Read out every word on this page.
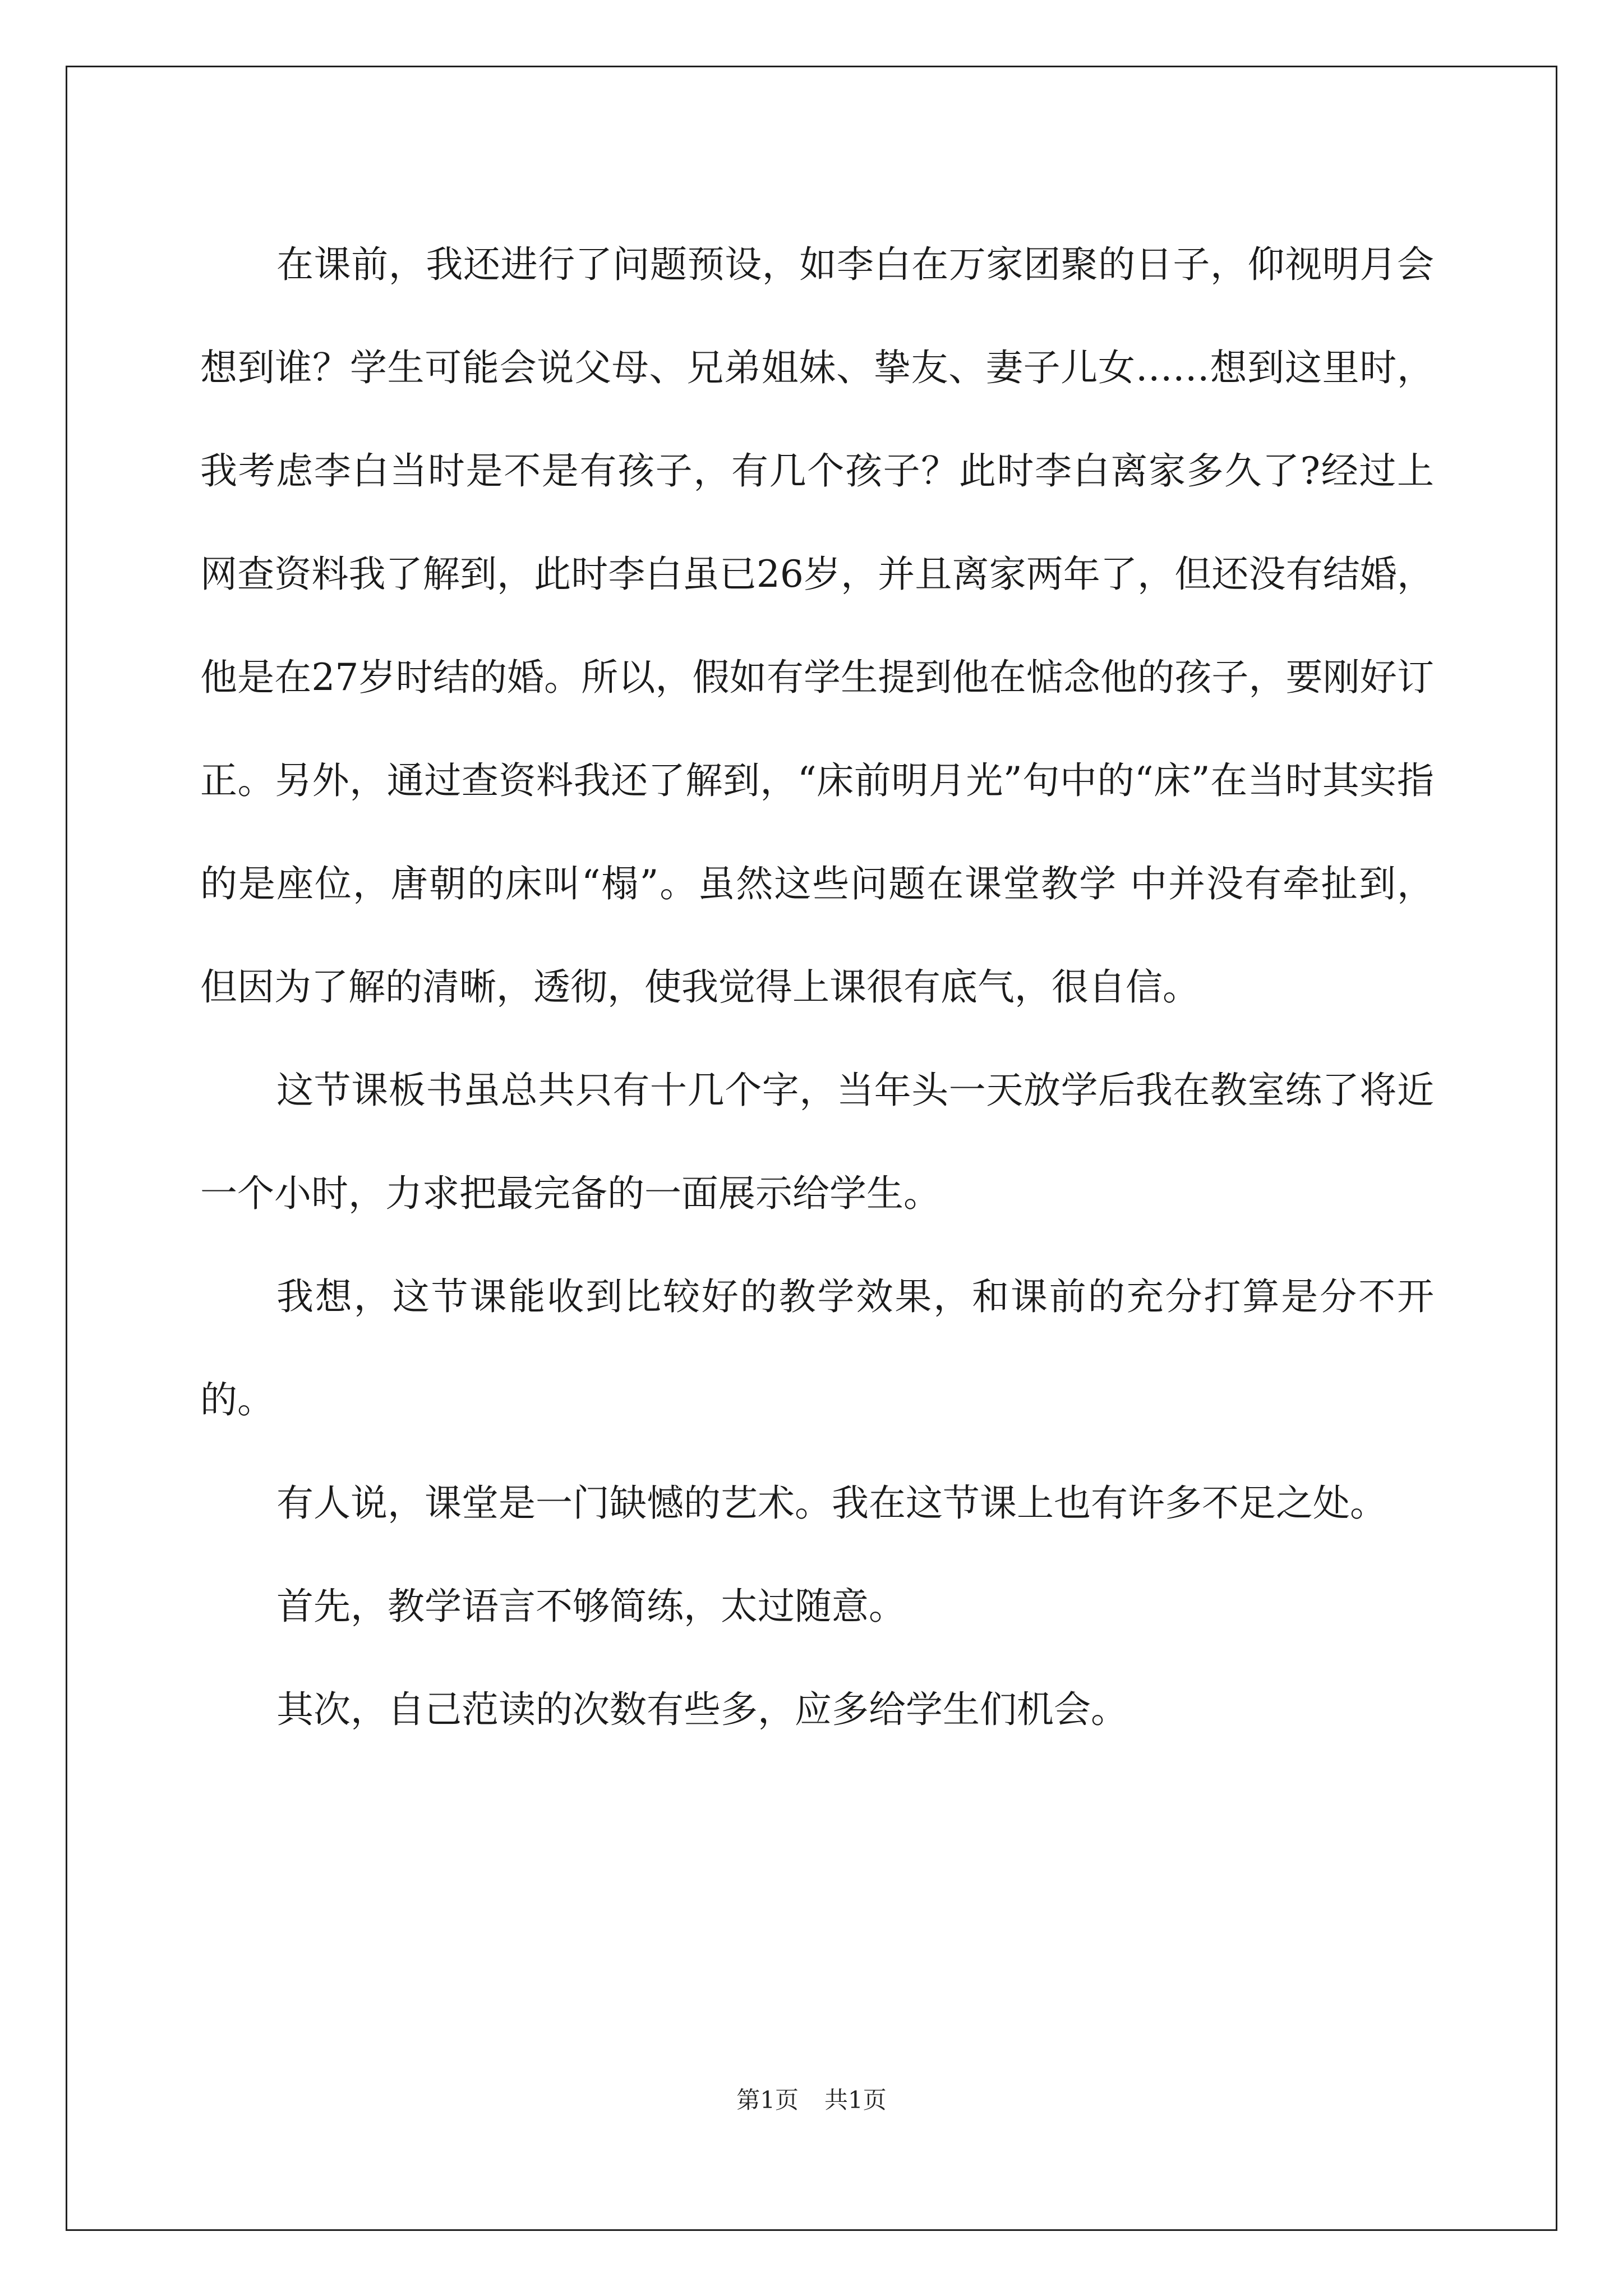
在课前，我还进行了问题预设，如李白在万家团聚的日子，仰视明月会想到谁？学生可能会说父母、兄弟姐妹、挚友、妻子儿女……想到这里时，我考虑李白当时是不是有孩子，有几个孩子？此时李白离家多久了?经过上网查资料我了解到，此时李白虽已26岁，并且离家两年了，但还没有结婚，他是在27岁时结的婚。所以，假如有学生提到他在惦念他的孩子，要刚好订正。另外，通过查资料我还了解到，“床前明月光”句中的“床”在当时其实指的是座位，唐朝的床叫“榻”。虽然这些问题在课堂教学 中并没有牵扯到，但因为了解的清晰，透彻，使我觉得上课很有底气，很自信。

这节课板书虽总共只有十几个字，当年头一天放学后我在教室练了将近一个小时，力求把最完备的一面展示给学生。

我想，这节课能收到比较好的教学效果，和课前的充分打算是分不开的。

有人说，课堂是一门缺憾的艺术。我在这节课上也有许多不足之处。

首先，教学语言不够简练，太过随意。

其次，自己范读的次数有些多，应多给学生们机会。

第1页 共1页
